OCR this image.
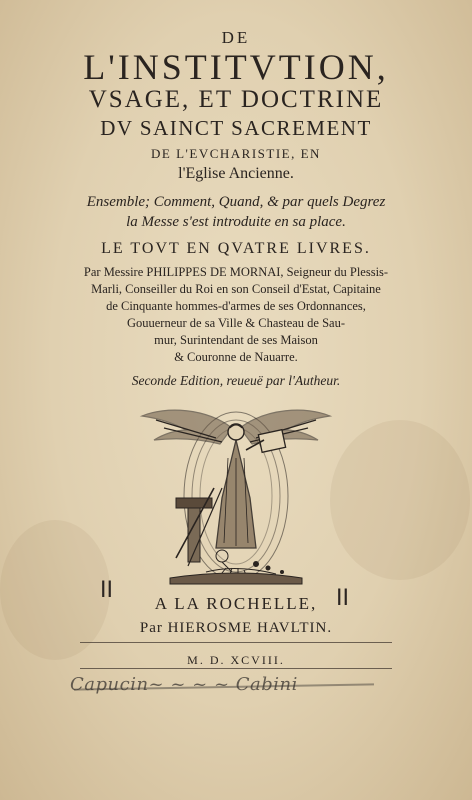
DE
L'INSTITVTION,
VSAGE, ET DOCTRINE
DV SAINCT SACREMENT
DE L'EVCHARISTIE, EN
l'Eglise Ancienne.
Ensemble; Comment, Quand, & par quels Degrez
la Messe s'est introduite en sa place.
LE TOVT EN QVATRE LIVRES.
Par Messire PHILIPPES DE MORNAI, Seigneur du Plessis-
Marli, Conseiller du Roi en son Conseil d'Estat, Capitaine
de Cinquante hommes-d'armes de ses Ordonnances,
Gouuerneur de sa Ville & Chasteau de Sau-
mur, Surintendant de ses Maison
& Couronne de Nauarre.
Seconde Edition, reueuë par l'Autheur.
ⅠⅠ	ⅠⅠ
A LA ROCHELLE,
Par HIEROSME HAVLTIN.
M. D. XCVIII.
Capucin~ ~ ~ ~ Cabini
